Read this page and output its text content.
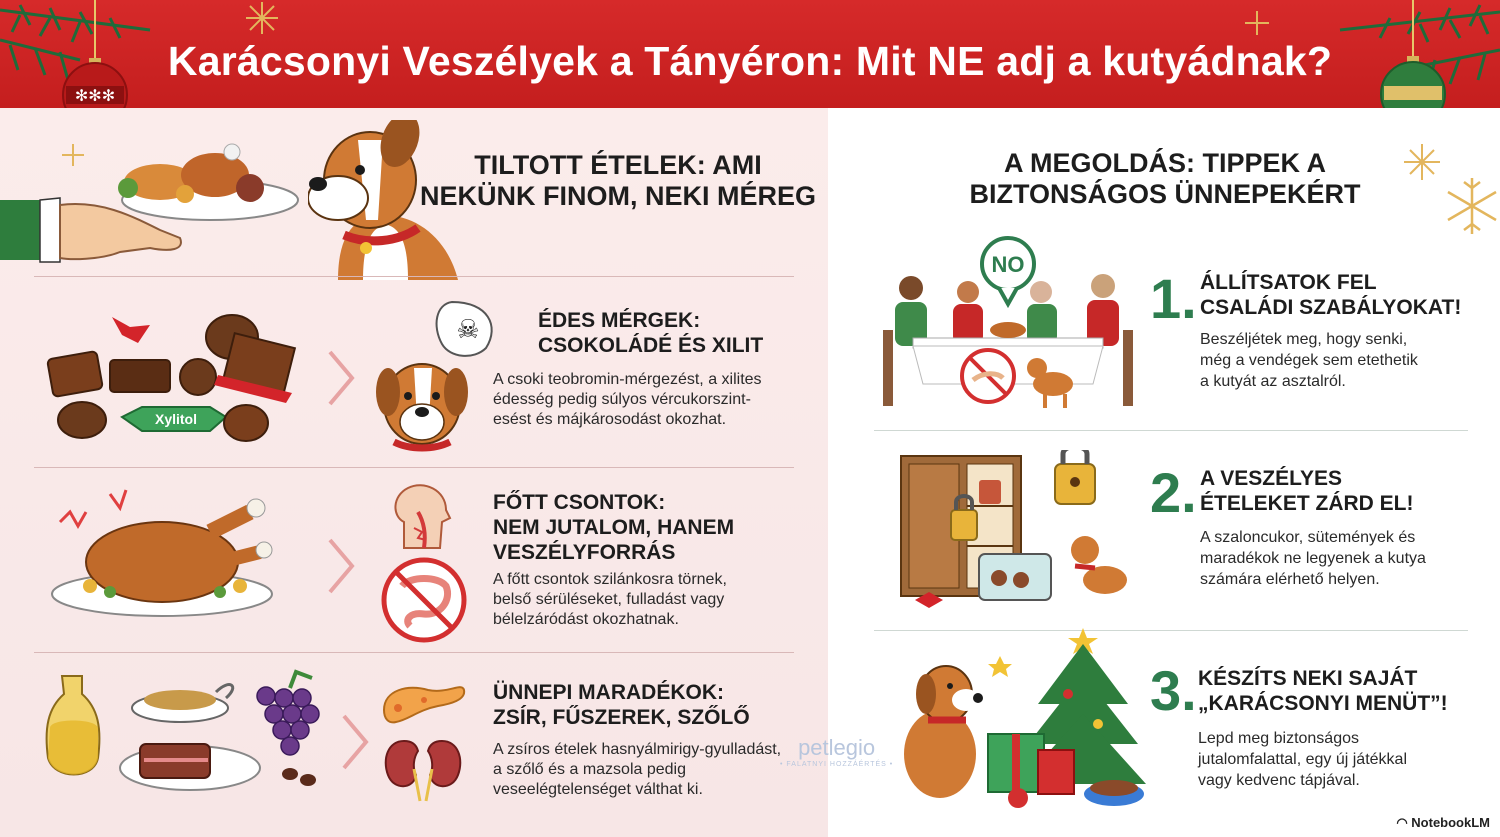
✻✻✻
Karácsonyi Veszélyek a Tányéron: Mit NE adj a kutyádnak?
TILTOTT ÉTELEK: AMI
NEKÜNK FINOM, NEKI MÉREG
Xylitol
☠	ÉDES MÉRGEK:
CSOKOLÁDÉ ÉS XILIT
A csoki teobromin-mérgezést, a xilites
édesség pedig súlyos vércukorszint-
esést és májkárosodást okozhat.
FŐTT CSONTOK:
NEM JUTALOM, HANEM
VESZÉLYFORRÁS
A főtt csontok szilánkosra törnek,
belső sérüléseket, fulladást vagy
bélelzáródást okozhatnak.
ÜNNEPI MARADÉKOK:
ZSÍR, FŰSZEREK, SZŐLŐ
A zsíros ételek hasnyálmirigy-gyulladást,
a szőlő és a mazsola pedig
veseelégtelenséget válthat ki.
A MEGOLDÁS: TIPPEK A
BIZTONSÁGOS ÜNNEPEKÉRT
NO
1. ÁLLÍTSATOK FEL
CSALÁDI SZABÁLYOKAT!
Beszéljétek meg, hogy senki,
még a vendégek sem etethetik
a kutyát az asztalról.
2. A VESZÉLYES
ÉTELEKET ZÁRD EL!
A szaloncukor, sütemények és
maradékok ne legyenek a kutya
számára elérhető helyen.
3. KÉSZÍTS NEKI SAJÁT
„KARÁCSONYI MENÜT”!
Lepd meg biztonságos
jutalomfalattal, egy új játékkal
vagy kedvenc tápjával.
petlegio
• FALATNYI HOZZÁÉRTÉS •
◠ NotebookLM
